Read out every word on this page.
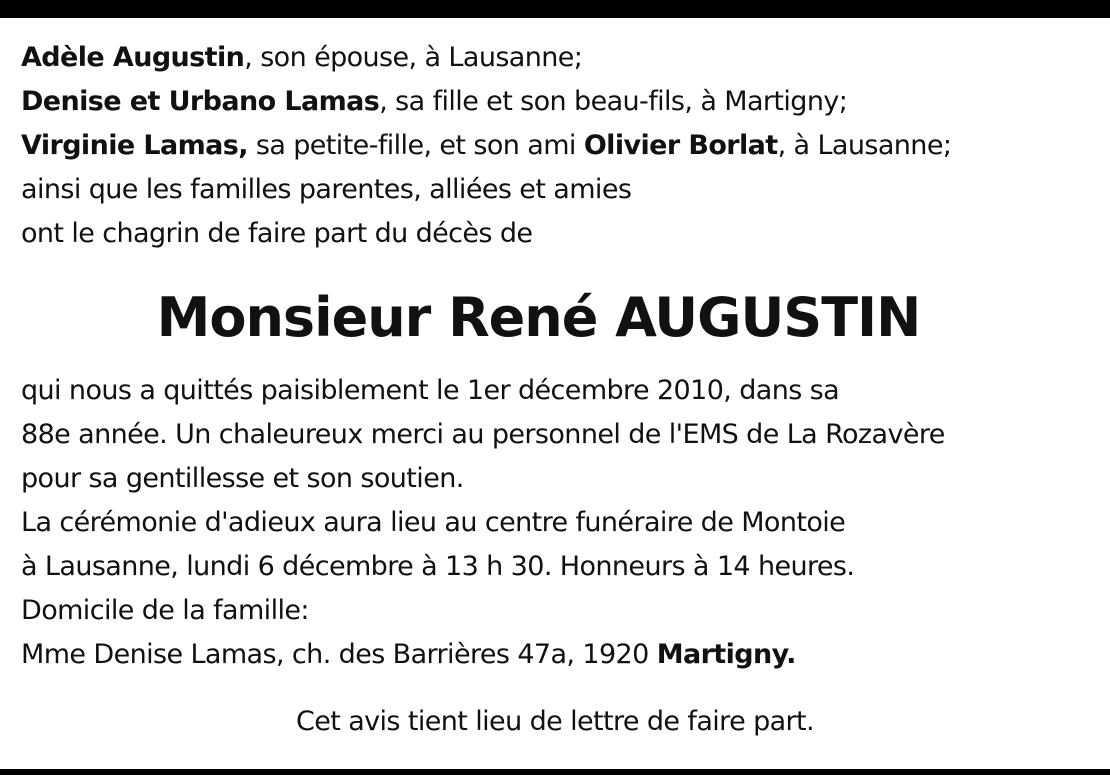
Adèle Augustin, son épouse, à Lausanne;
Denise et Urbano Lamas, sa fille et son beau-fils, à Martigny;
Virginie Lamas, sa petite-fille, et son ami Olivier Borlat, à Lausanne;
ainsi que les familles parentes, alliées et amies
ont le chagrin de faire part du décès de
Monsieur René AUGUSTIN
qui nous a quittés paisiblement le 1er décembre 2010, dans sa
88e année. Un chaleureux merci au personnel de l'EMS de La Rozavère
pour sa gentillesse et son soutien.
La cérémonie d'adieux aura lieu au centre funéraire de Montoie
à Lausanne, lundi 6 décembre à 13 h 30. Honneurs à 14 heures.
Domicile de la famille:
Mme Denise Lamas, ch. des Barrières 47a, 1920 Martigny.
Cet avis tient lieu de lettre de faire part.
